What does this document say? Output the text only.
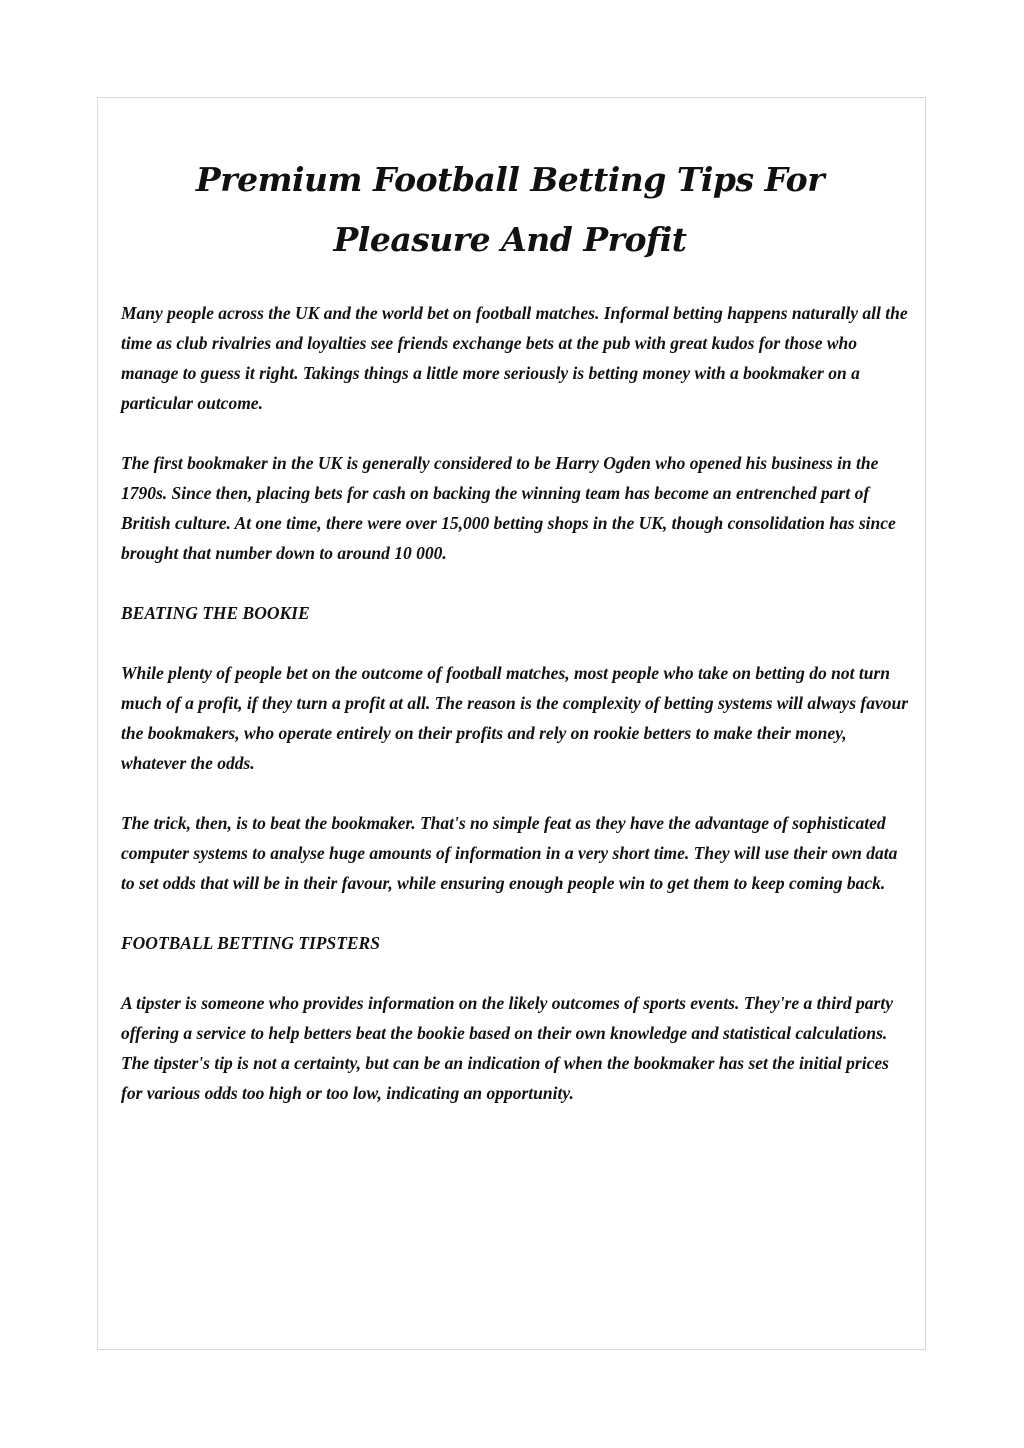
Premium Football Betting Tips For Pleasure And Profit

Many people across the UK and the world bet on football matches. Informal betting happens naturally all the time as club rivalries and loyalties see friends exchange bets at the pub with great kudos for those who manage to guess it right. Takings things a little more seriously is betting money with a bookmaker on a particular outcome.

The first bookmaker in the UK is generally considered to be Harry Ogden who opened his business in the 1790s. Since then, placing bets for cash on backing the winning team has become an entrenched part of British culture. At one time, there were over 15,000 betting shops in the UK, though consolidation has since brought that number down to around 10 000.

BEATING THE BOOKIE

While plenty of people bet on the outcome of football matches, most people who take on betting do not turn much of a profit, if they turn a profit at all. The reason is the complexity of betting systems will always favour the bookmakers, who operate entirely on their profits and rely on rookie betters to make their money, whatever the odds.

The trick, then, is to beat the bookmaker. That's no simple feat as they have the advantage of sophisticated computer systems to analyse huge amounts of information in a very short time. They will use their own data to set odds that will be in their favour, while ensuring enough people win to get them to keep coming back.

FOOTBALL BETTING TIPSTERS

A tipster is someone who provides information on the likely outcomes of sports events. They're a third party offering a service to help betters beat the bookie based on their own knowledge and statistical calculations. The tipster's tip is not a certainty, but can be an indication of when the bookmaker has set the initial prices for various odds too high or too low, indicating an opportunity.
